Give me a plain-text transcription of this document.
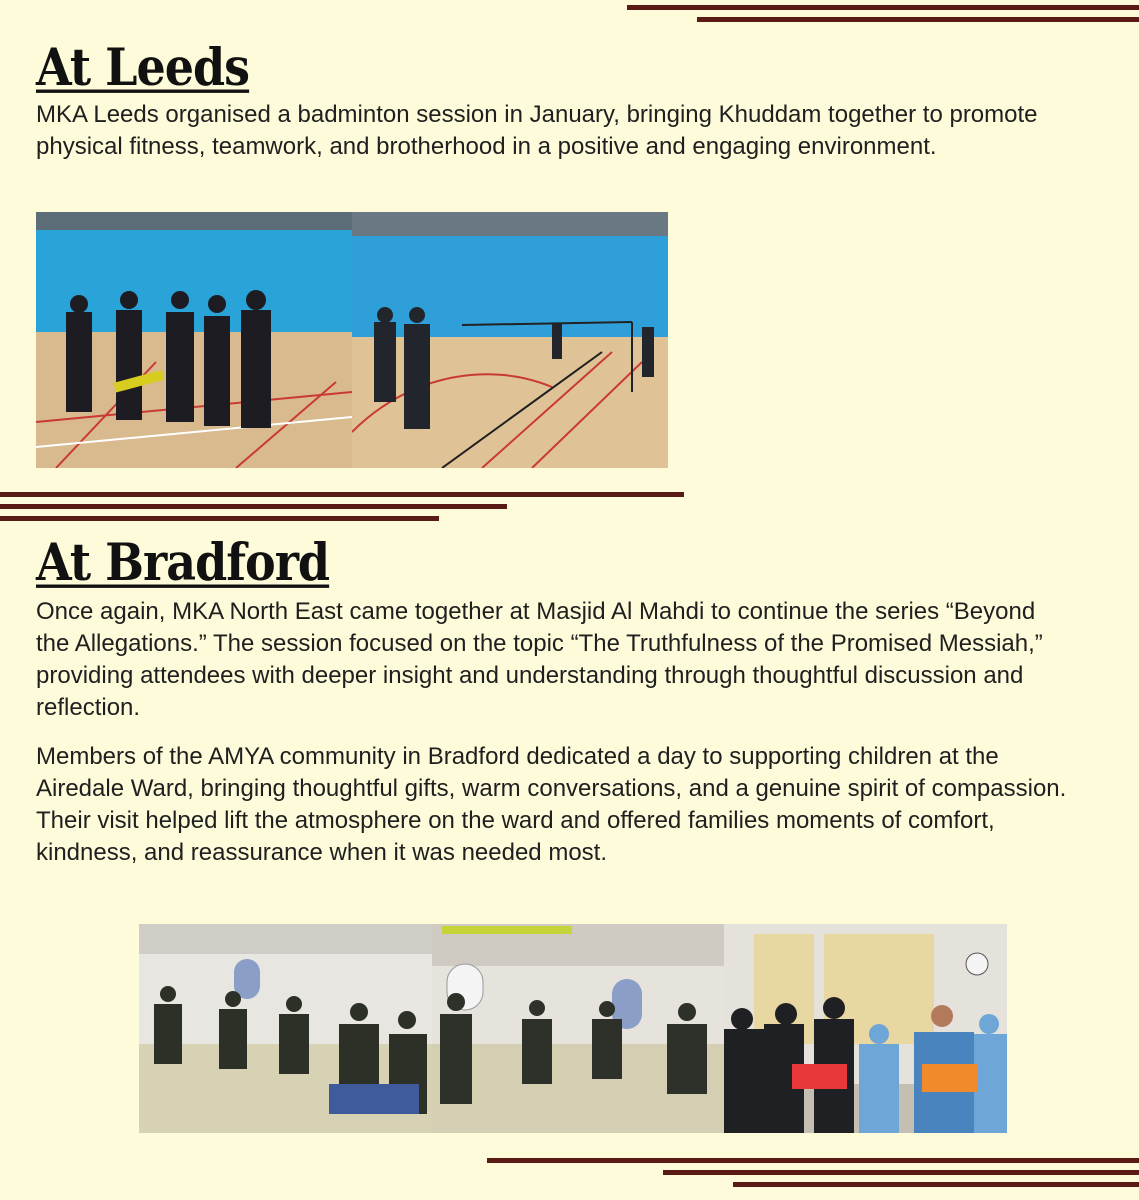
At Leeds

MKA Leeds organised a badminton session in January, bringing Khuddam together to promote physical fitness, teamwork, and brotherhood in a positive and engaging environment.

At Bradford

Once again, MKA North East came together at Masjid Al Mahdi to continue the series “Beyond the Allegations.” The session focused on the topic “The Truthfulness of the Promised Messiah,” providing attendees with deeper insight and understanding through thoughtful discussion and reflection.

Members of the AMYA community in Bradford dedicated a day to supporting children at the Airedale Ward, bringing thoughtful gifts, warm conversations, and a genuine spirit of compassion. Their visit helped lift the atmosphere on the ward and offered families moments of comfort, kindness, and reassurance when it was needed most.
